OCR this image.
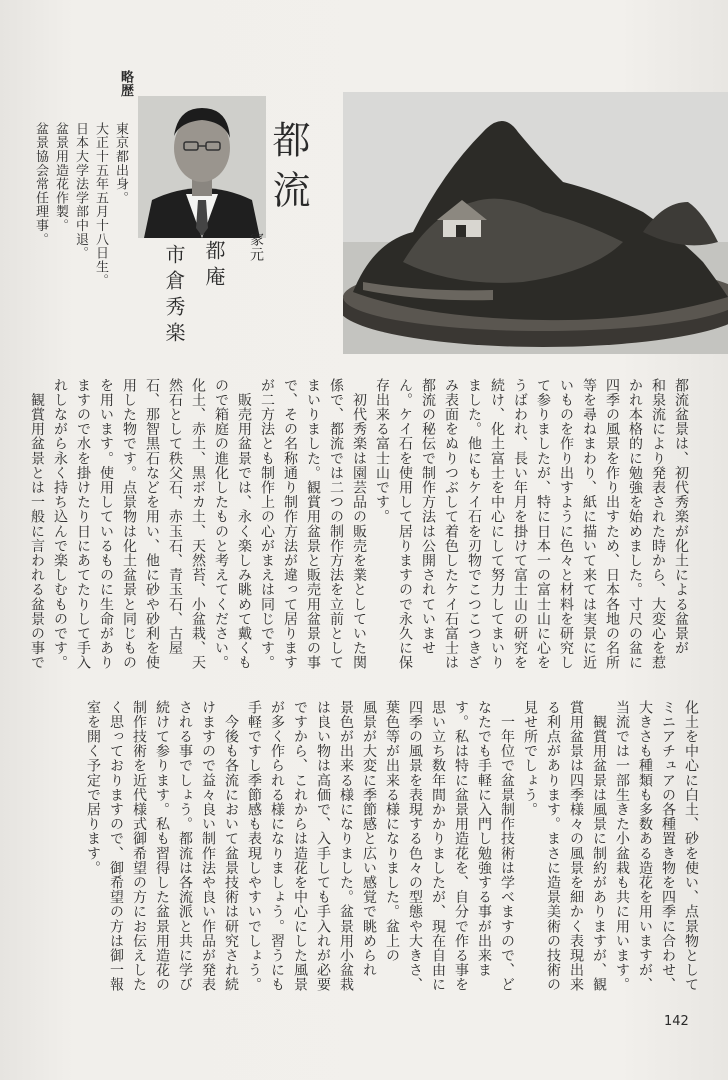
略歴
東京都出身。
大正十五年五月十八日生。
日本大学法学部中退。
盆景用造花作製。
盆景協会常任理事。	都流
家元
都庵
市倉秀楽
都流盆景は、初代秀楽が化土による盆景が
和泉流により発表された時から、大変心を惹
かれ本格的に勉強を始めました。寸尺の盆に
四季の風景を作り出すため、日本各地の名所
等を尋ねまわり、紙に描いて来ては実景に近
いものを作り出すように色々と材料を研究し
て参りましたが、特に日本一の富士山に心を
うばわれ、長い年月を掛けて富士山の研究を
続け、化土富士を中心にして努力してまいり
ました。他にもケイ石を刃物でこつこつきざ
み表面をぬりつぶして着色したケイ石富士は
都流の秘伝で制作方法は公開されていませ
ん。ケイ石を使用して居りますので永久に保
存出来る富士山です。
　初代秀楽は園芸品の販売を業としていた関
係で、都流では二つの制作方法を立前として
まいりました。観賞用盆景と販売用盆景の事
で、その名称通り制作方法が違って居ります
が二方法とも制作上の心がまえは同じです。
　販売用盆景では、永く楽しみ眺めて戴くも
ので箱庭の進化したものと考えてください。
化土、赤土、黒ボカ土、天然苔、小盆栽、天
然石として秩父石、赤玉石、青玉石、古屋
石、那智黒石などを用い、他に砂や砂利を使
用した物です。点景物は化土盆景と同じもの
を用います。使用しているものに生命があり
ますので水を掛けたり日にあてたりして手入
れしながら永く持ち込んで楽しむものです。
　観賞用盆景とは一般に言われる盆景の事で
化土を中心に白土、砂を使い、点景物として
ミニアチュアの各種置き物を四季に合わせ、
大きさも種類も多数ある造花を用いますが、
当流では一部生きた小盆栽も共に用います。
　観賞用盆景は風景に制約がありますが、観
賞用盆景は四季様々の風景を細かく表現出来
る利点があります。まさに造景美術の技術の
見せ所でしょう。
　一年位で盆景制作技術は学べますので、ど
なたでも手軽に入門し勉強する事が出来ま
す。私は特に盆景用造花を、自分で作る事を
思い立ち数年間かかりましたが、現在自由に
四季の風景を表現する色々の型態や大きさ、
葉色等が出来る様になりました。盆上の
風景が大変に季節感と広い感覚で眺められ
景色が出来る様になりました。盆景用小盆栽
は良い物は高価で、入手しても手入れが必要
ですから、これからは造花を中心にした風景
が多く作られる様になりましょう。習うにも
手軽ですし季節感も表現しやすいでしょう。
　今後も各流において盆景技術は研究され続
けますので益々良い制作法や良い作品が発表
される事でしょう。都流は各流派と共に学び
続けて参ります。私も習得した盆景用造花の
制作技術を近代様式御希望の方にお伝えした
く思っておりますので、御希望の方は御一報
室を開く予定で居ります。
142
